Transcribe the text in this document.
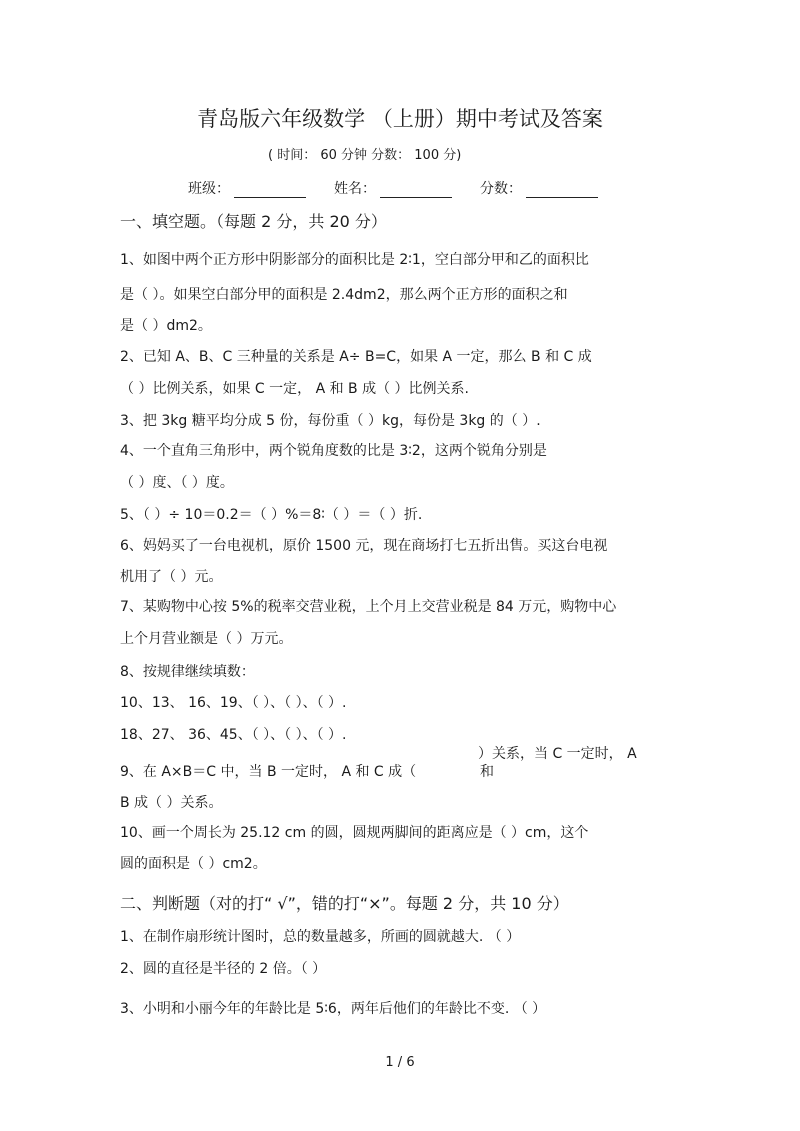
青岛版六年级数学 （上册）期中考试及答案
( 时间： 60 分钟 分数： 100 分)
班级：	姓名：	分数：
一、填空题。（每题 2 分，共 20 分）
1、如图中两个正方形中阴影部分的面积比是 2∶1，空白部分甲和乙的面积比
是（ ）。如果空白部分甲的面积是 2.4dm2，那么两个正方形的面积之和
是（ ）dm2。
2、已知 A、B、C 三种量的关系是 A÷ B=C，如果 A 一定，那么 B 和 C 成
（ ）比例关系，如果 C 一定， A 和 B 成（ ）比例关系.
3、把 3kg 糖平均分成 5 份，每份重（ ）kg，每份是 3kg 的（ ）.
4、一个直角三角形中，两个锐角度数的比是 3∶2，这两个锐角分别是
（ ）度、（ ）度。
5、（ ）÷ 10＝0.2＝（ ）%＝8∶（ ）＝（ ）折.
6、妈妈买了一台电视机，原价 1500 元，现在商场打七五折出售。买这台电视
机用了（ ）元。
7、某购物中心按 5%的税率交营业税，上个月上交营业税是 84 万元，购物中心
上个月营业额是（ ）万元。
8、按规律继续填数：
10、13、 16、19、（ ）、（ ）、（ ）.
18、27、 36、45、（ ）、（ ）、（ ）.
）关系，当 C 一定时， A
9、在 A×B＝C 中，当 B 一定时， A 和 C 成（	和
B 成（ ）关系。
10、画一个周长为 25.12 cm 的圆，圆规两脚间的距离应是（ ）cm，这个
圆的面积是（ ）cm2。
二、判断题（对的打“ √”，错的打“×”。每题 2 分，共 10 分）
1、在制作扇形统计图时，总的数量越多，所画的圆就越大. （ ）
2、圆的直径是半径的 2 倍。（ ）
3、小明和小丽今年的年龄比是 5∶6，两年后他们的年龄比不变. （ ）
1 / 6
